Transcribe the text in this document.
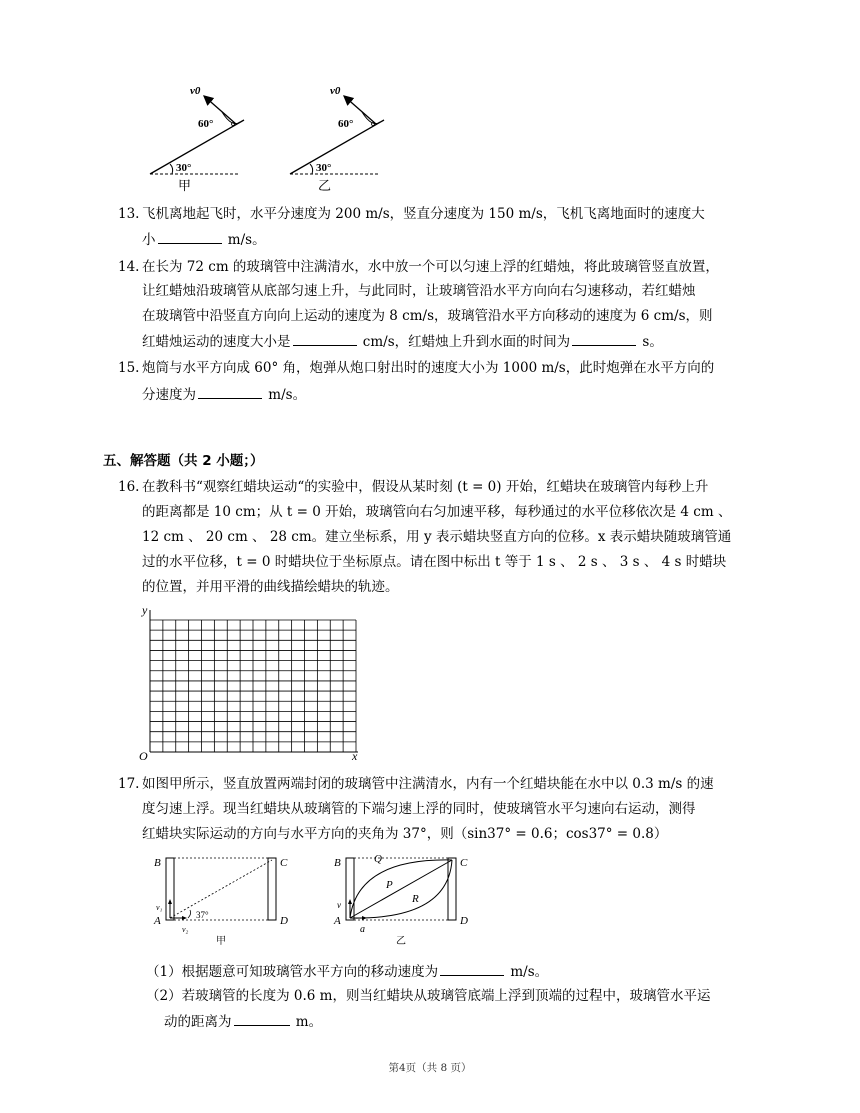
v0
60°
30°
甲
v0
60°
30°
乙
13. 飞机离地起飞时，水平分速度为 200 m/s，竖直分速度为 150 m/s，飞机飞离地面时的速度大
小	m/s。
14. 在长为 72 cm 的玻璃管中注满清水，水中放一个可以匀速上浮的红蜡烛，将此玻璃管竖直放置，
让红蜡烛沿玻璃管从底部匀速上升，与此同时，让玻璃管沿水平方向向右匀速移动，若红蜡烛
在玻璃管中沿竖直方向向上运动的速度为 8 cm/s，玻璃管沿水平方向移动的速度为 6 cm/s，则
红蜡烛运动的速度大小是	cm/s，红蜡烛上升到水面的时间为	s。
15. 炮筒与水平方向成 60° 角，炮弹从炮口射出时的速度大小为 1000 m/s，此时炮弹在水平方向的
分速度为	m/s。
五、解答题（共 2 小题；）
16. 在教科书“观察红蜡块运动“的实验中，假设从某时刻 (t = 0) 开始，红蜡块在玻璃管内每秒上升
的距离都是 10 cm；从 t = 0 开始，玻璃管向右匀加速平移，每秒通过的水平位移依次是 4 cm 、
12 cm 、 20 cm 、 28 cm。建立坐标系，用 y 表示蜡块竖直方向的位移。x 表示蜡块随玻璃管通
过的水平位移，t = 0 时蜡块位于坐标原点。请在图中标出 t 等于 1 s 、 2 s 、 3 s 、 4 s 时蜡块
的位置，并用平滑的曲线描绘蜡块的轨迹。
y
x
O
17. 如图甲所示，竖直放置两端封闭的玻璃管中注满清水，内有一个红蜡块能在水中以 0.3 m/s 的速
度匀速上浮。现当红蜡块从玻璃管的下端匀速上浮的同时，使玻璃管水平匀速向右运动，测得
红蜡块实际运动的方向与水平方向的夹角为 37°，则（sin37° = 0.6；cos37° = 0.8）
B	C
A	D
v₁
v₂
37°
甲
B	Q	C
P
R
v
A
a
D
乙
（1）根据题意可知玻璃管水平方向的移动速度为	m/s。
（2）若玻璃管的长度为 0.6 m，则当红蜡块从玻璃管底端上浮到顶端的过程中，玻璃管水平运
动的距离为	m。
第4页（共 8 页）
